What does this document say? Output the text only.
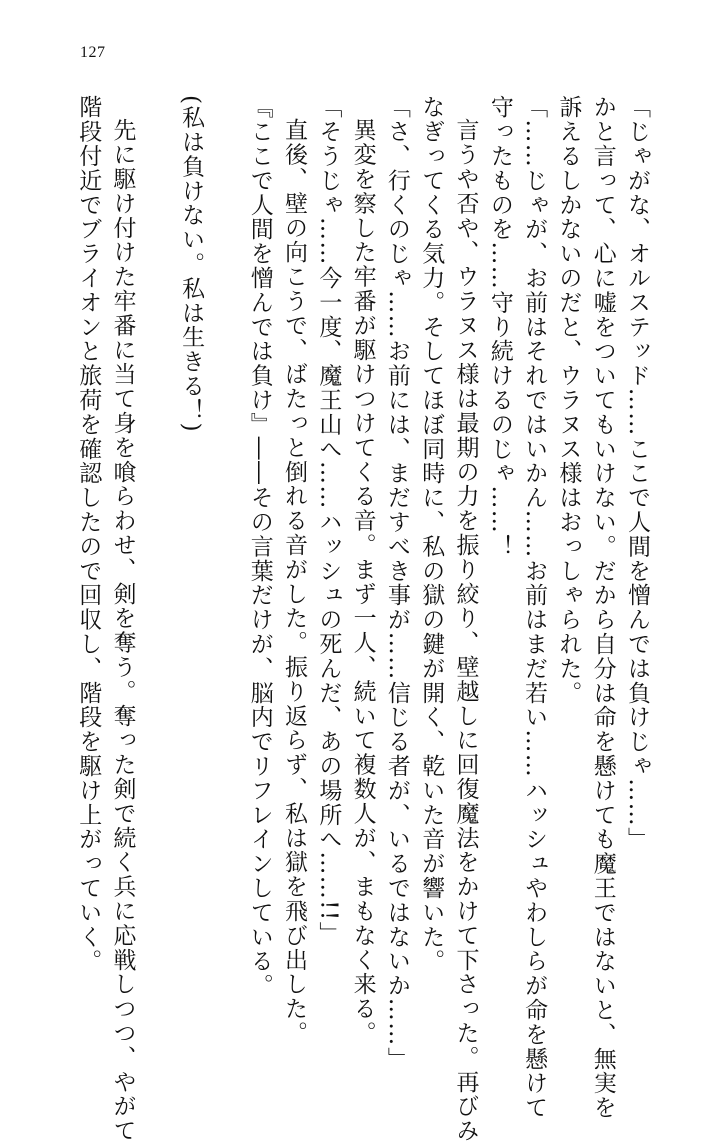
127
「じゃがな、オルステッド……ここで人間を憎んでは負けじゃ……」
かと言って、心に嘘をついてもいけない。だから自分は命を懸けても魔王ではないと、無実を
訴えるしかないのだと、ウラヌス様はおっしゃられた。
「……じゃが、お前はそれではいかん……お前はまだ若い……ハッシュやわしらが命を懸けて
守ったものを……守り続けるのじゃ……！
言うや否や、ウラヌス様は最期の力を振り絞り、壁越しに回復魔法をかけて下さった。再びみ
なぎってくる気力。そしてほぼ同時に、私の獄の鍵が開く、乾いた音が響いた。
「さ、行くのじゃ……お前には、まだすべき事が……信じる者が、いるではないか……」
異変を察した牢番が駆けつけてくる音。まず一人、続いて複数人が、まもなく来る。
「そうじゃ……今一度、魔王山へ……ハッシュの死んだ、あの場所へ……!!」
直後、壁の向こうで、ばたっと倒れる音がした。振り返らず、私は獄を飛び出した。
『ここで人間を憎んでは負け』――その言葉だけが、脳内でリフレインしている。
(私は負けない。私は生きる！)
先に駆け付けた牢番に当て身を喰らわせ、剣を奪う。奪った剣で続く兵に応戦しつつ、やがて
階段付近でブライオンと旅荷を確認したので回収し、階段を駆け上がっていく。
